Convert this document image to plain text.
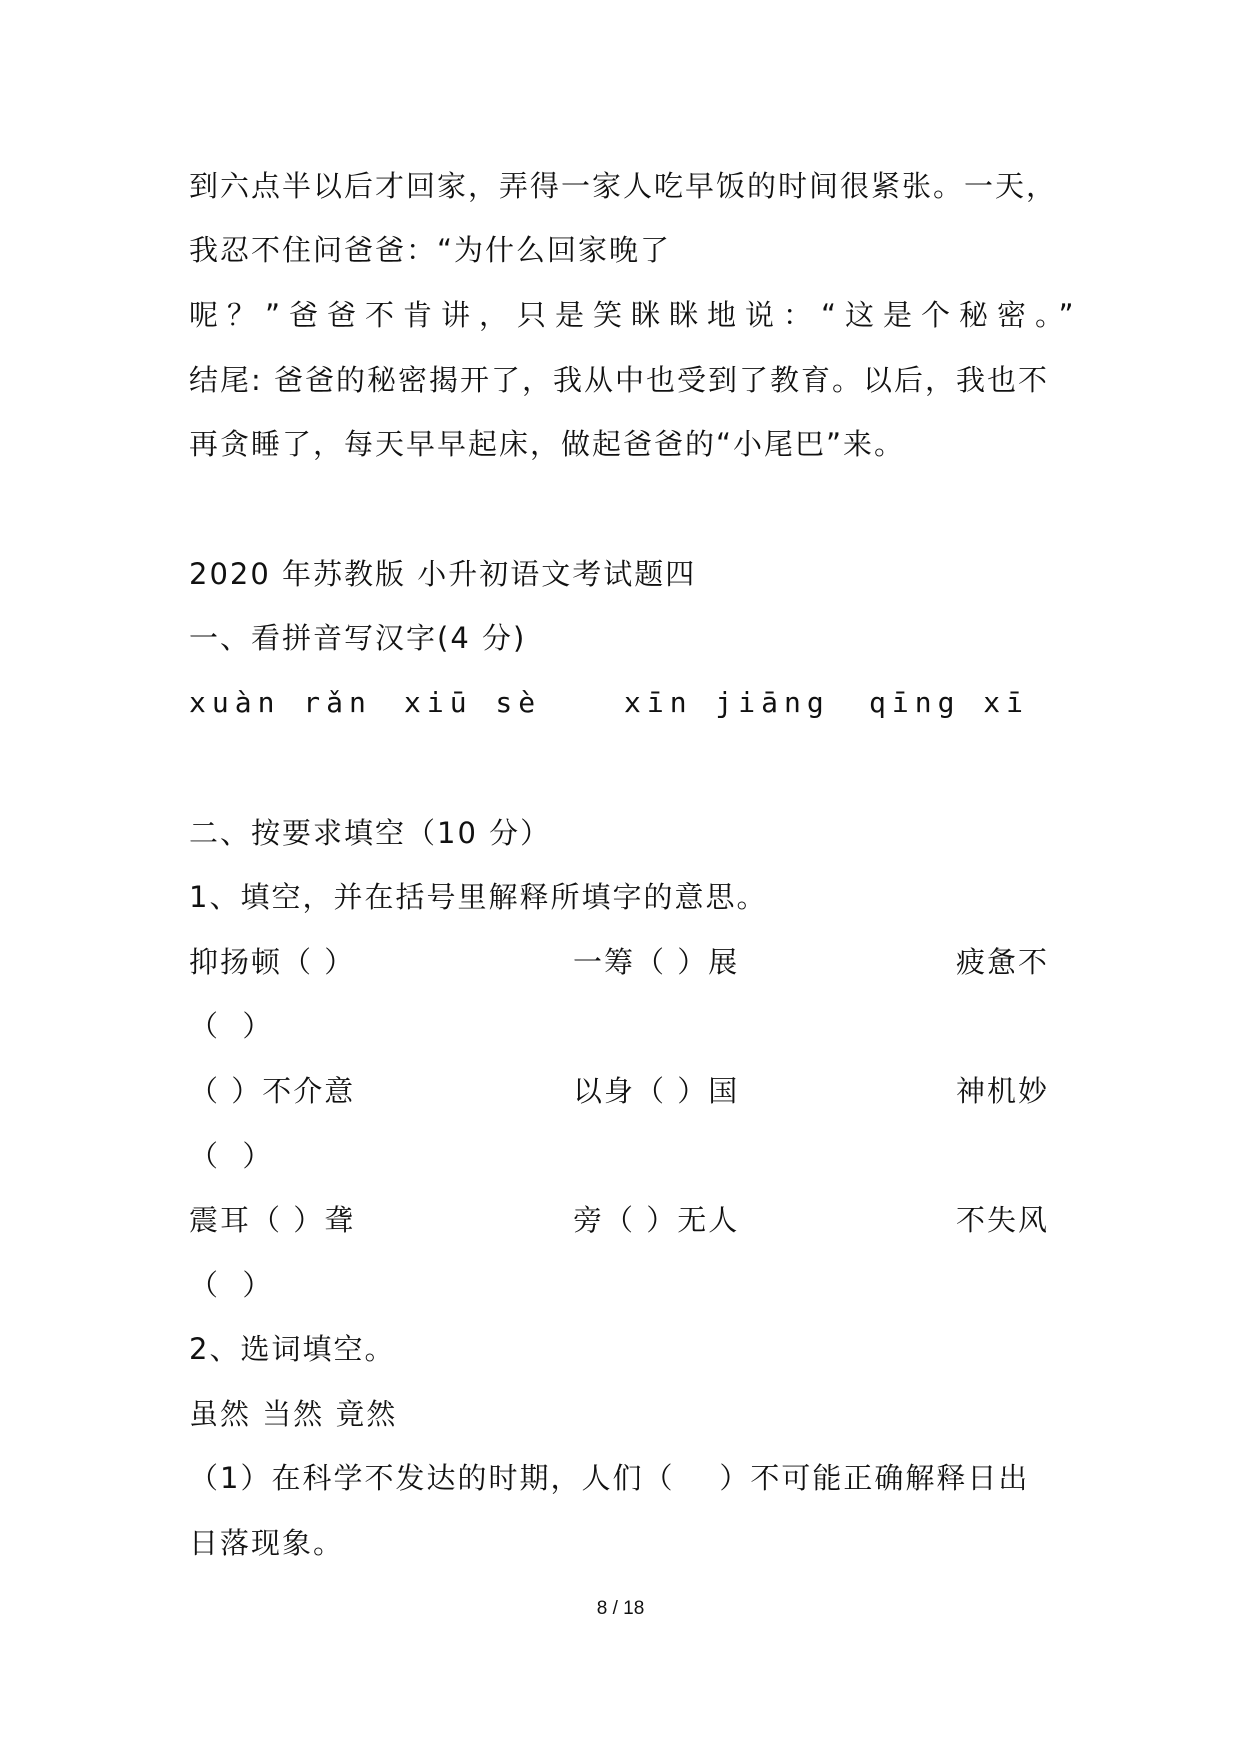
到六点半以后才回家，弄得一家人吃早饭的时间很紧张。一天，
我忍不住问爸爸：“为什么回家晚了
呢？”爸爸不肯讲，只是笑眯眯地说：“这是个秘密。”
结尾: 爸爸的秘密揭开了，我从中也受到了教育。以后，我也不
再贪睡了，每天早早起床，做起爸爸的“小尾巴”来。
2020 年苏教版 小升初语文考试题四
一、看拼音写汉字(4 分)
xuàn rǎn xiū sè	xīn jiāng qīng xī
二、按要求填空（10 分）
1、填空，并在括号里解释所填字的意思。
抑扬顿（ ）	一筹（ ）展	疲惫不
（  ）
（ ）不介意	以身（ ）国	神机妙
（  ）
震耳（ ）聋	旁（ ）无人	不失风
（  ）
2、选词填空。
虽然 当然 竟然
（1）在科学不发达的时期，人们（    ）不可能正确解释日出
日落现象。
8 / 18
